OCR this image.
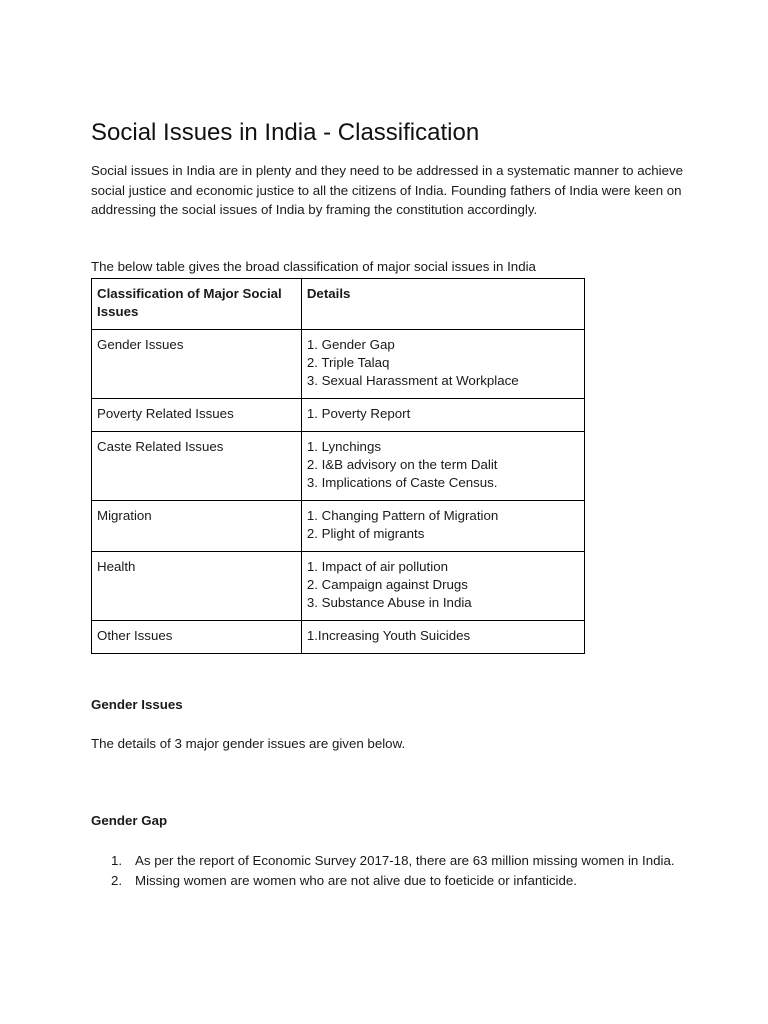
Social Issues in India - Classification

Social issues in India are in plenty and they need to be addressed in a systematic manner to achieve social justice and economic justice to all the citizens of India. Founding fathers of India were keen on addressing the social issues of India by framing the constitution accordingly.

The below table gives the broad classification of major social issues in India

Classification of Major Social Issues	Details
Gender Issues	1. Gender Gap
2. Triple Talaq
3. Sexual Harassment at Workplace

Poverty Related Issues	1. Poverty Report

Caste Related Issues	1. Lynchings
2. I&B advisory on the term Dalit
3. Implications of Caste Census.

Migration	1. Changing Pattern of Migration
2. Plight of migrants

Health	1. Impact of air pollution
2. Campaign against Drugs
3. Substance Abuse in India

Other Issues	1.Increasing Youth Suicides

Gender Issues

The details of 3 major gender issues are given below.

Gender Gap

1. As per the report of Economic Survey 2017-18, there are 63 million missing women in India.
2. Missing women are women who are not alive due to foeticide or infanticide.
